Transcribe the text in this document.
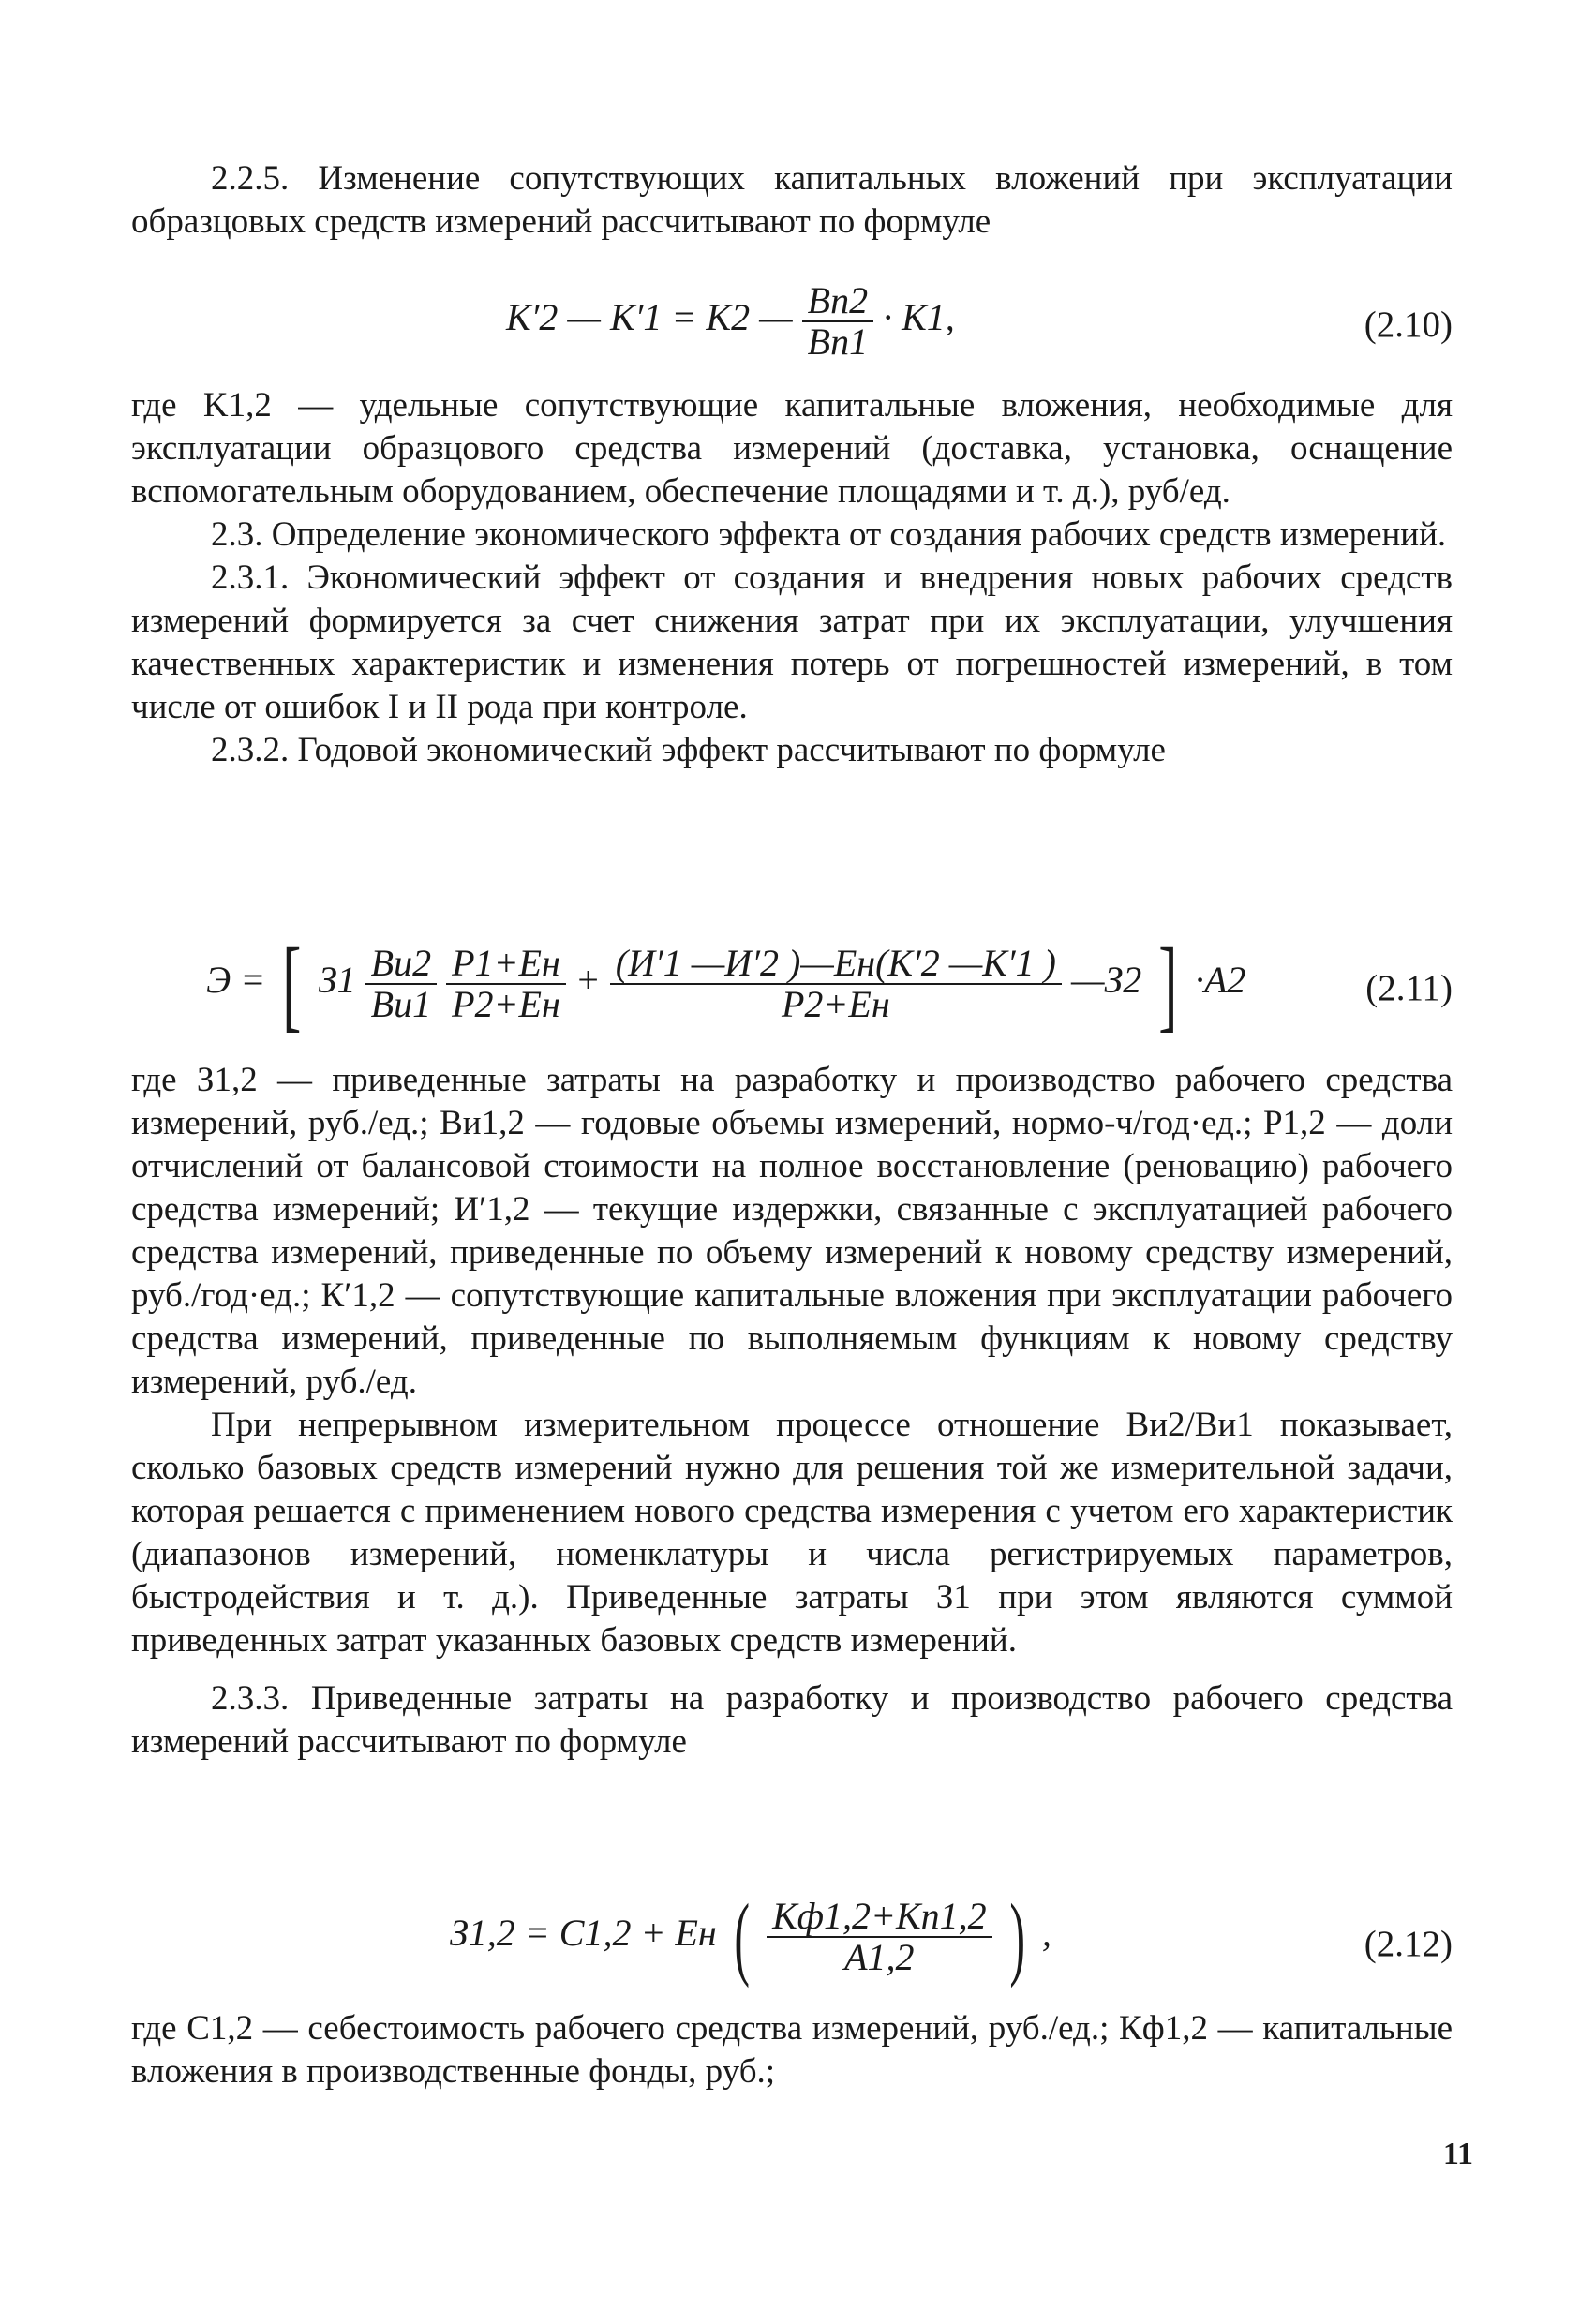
2.2.5. Изменение сопутствующих капитальных вложений при эксплуатации образцовых средств измерений рассчитывают по формуле

K′2 — K′1 = K2 — $\frac{Вп2}{Вп1} \cdot K1$,	(2.10)

где K1,2 — удельные сопутствующие капитальные вложения, необходимые для эксплуатации образцового средства измерений (доставка, установка, оснащение вспомогательным оборудованием, обеспечение площадями и т. д.), руб/ед.

2.3. Определение экономического эффекта от создания рабочих средств измерений.

2.3.1. Экономический эффект от создания и внедрения новых рабочих средств измерений формируется за счет снижения затрат при их эксплуатации, улучшения качественных характеристик и изменения потерь от погрешностей измерений, в том числе от ошибок I и II рода при контроле.

2.3.2. Годовой экономический эффект рассчитывают по формуле

Э = [ $З1 \frac{Ви2}{Ви1}$
$\frac{Р1+Ен}{Р2+Ен} + \frac{(И'1 —И'2 )—Ен(К'2 —К'1 )}{Р2+Ен}$ —З2 ] ·А2	(2.11)

где З1,2 — приведенные затраты на разработку и производство рабочего средства измерений, руб./ед.; Ви1,2 — годовые объемы измерений, нормо-ч/год·ед.; Р1,2 — доли отчислений от балансовой стоимости на полное восстановление (реновацию) рабочего средства измерений; И′1,2 — текущие издержки, связанные с эксплуатацией рабочего средства измерений, приведенные по объему измерений к новому средству измерений, руб./год·ед.; К′1,2 — сопутствующие капитальные вложения при эксплуатации рабочего средства измерений, приведенные по выполняемым функциям к новому средству измерений, руб./ед.

При непрерывном измерительном процессе отношение Ви2/Ви1 показывает, сколько базовых средств измерений нужно для решения той же измерительной задачи, которая решается с применением нового средства измерения с учетом его характеристик (диапазонов измерений, номенклатуры и числа регистрируемых параметров, быстродействия и т. д.). Приведенные затраты З1 при этом являются суммой приведенных затрат указанных базовых средств измерений.

2.3.3. Приведенные затраты на разработку и производство рабочего средства измерений рассчитывают по формуле

З1,2 = С1,2 + Ен ( $\frac{Кф1,2+Кп1,2}{А1,2}$ ) ,	(2.12)

где С1,2 — себестоимость рабочего средства измерений, руб./ед.; Кф1,2 — капитальные вложения в производственные фонды, руб.;

11
